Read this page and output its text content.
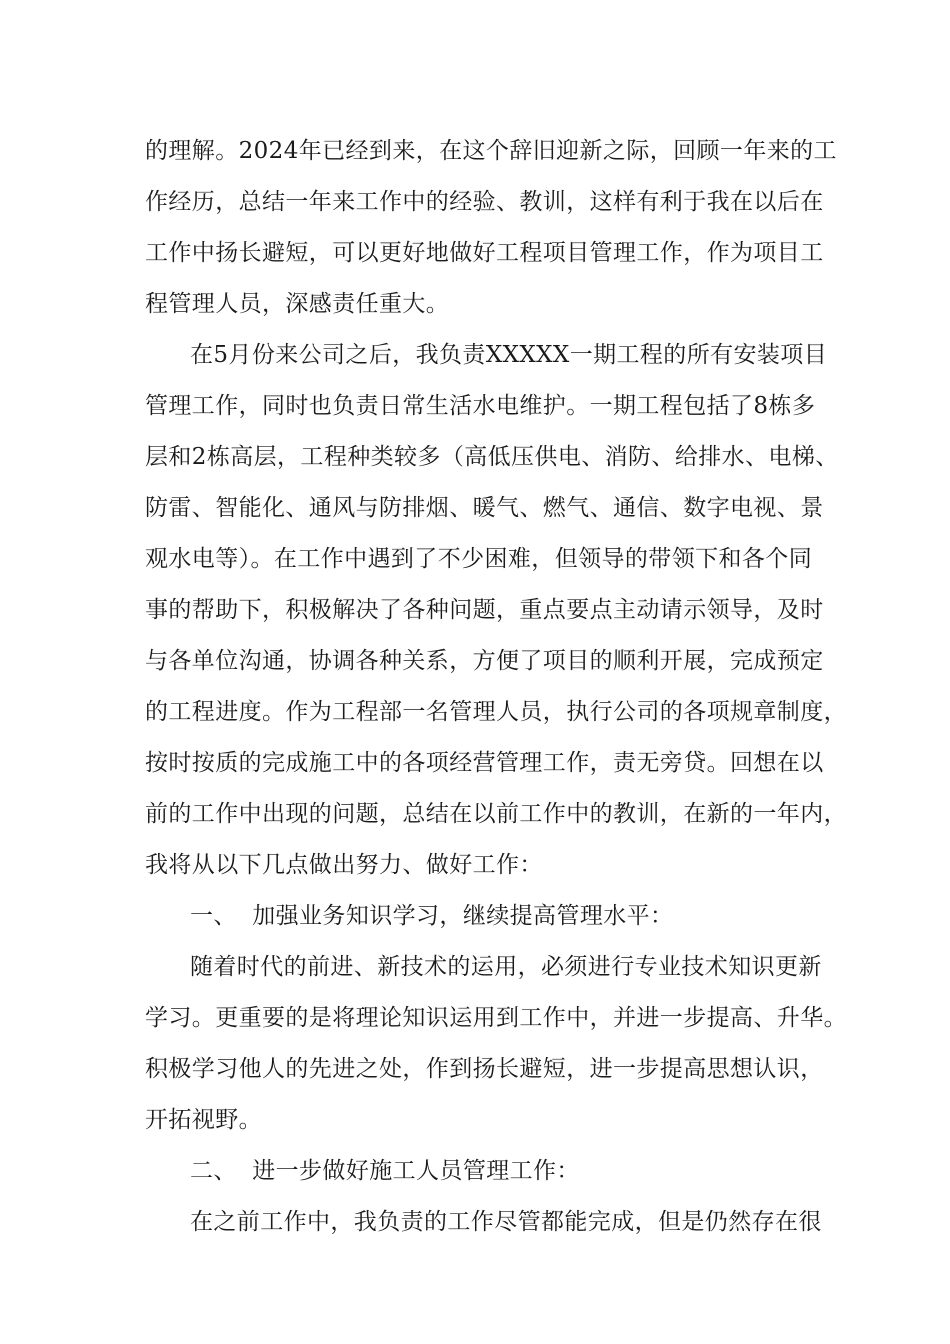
的理解。2024年已经到来，在这个辞旧迎新之际，回顾一年来的工
作经历，总结一年来工作中的经验、教训，这样有利于我在以后在
工作中扬长避短，可以更好地做好工程项目管理工作，作为项目工
程管理人员，深感责任重大。
在5月份来公司之后，我负责XXXXX一期工程的所有安装项目
管理工作，同时也负责日常生活水电维护。一期工程包括了8栋多
层和2栋高层，工程种类较多（高低压供电、消防、给排水、电梯、
防雷、智能化、通风与防排烟、暖气、燃气、通信、数字电视、景
观水电等）。在工作中遇到了不少困难，但领导的带领下和各个同
事的帮助下，积极解决了各种问题，重点要点主动请示领导，及时
与各单位沟通，协调各种关系，方便了项目的顺利开展，完成预定
的工程进度。作为工程部一名管理人员，执行公司的各项规章制度，
按时按质的完成施工中的各项经营管理工作，责无旁贷。回想在以
前的工作中出现的问题，总结在以前工作中的教训，在新的一年内，
我将从以下几点做出努力、做好工作：
一、  加强业务知识学习，继续提高管理水平：
随着时代的前进、新技术的运用，必须进行专业技术知识更新
学习。更重要的是将理论知识运用到工作中，并进一步提高、升华。
积极学习他人的先进之处，作到扬长避短，进一步提高思想认识，
开拓视野。
二、  进一步做好施工人员管理工作：
在之前工作中，我负责的工作尽管都能完成，但是仍然存在很
